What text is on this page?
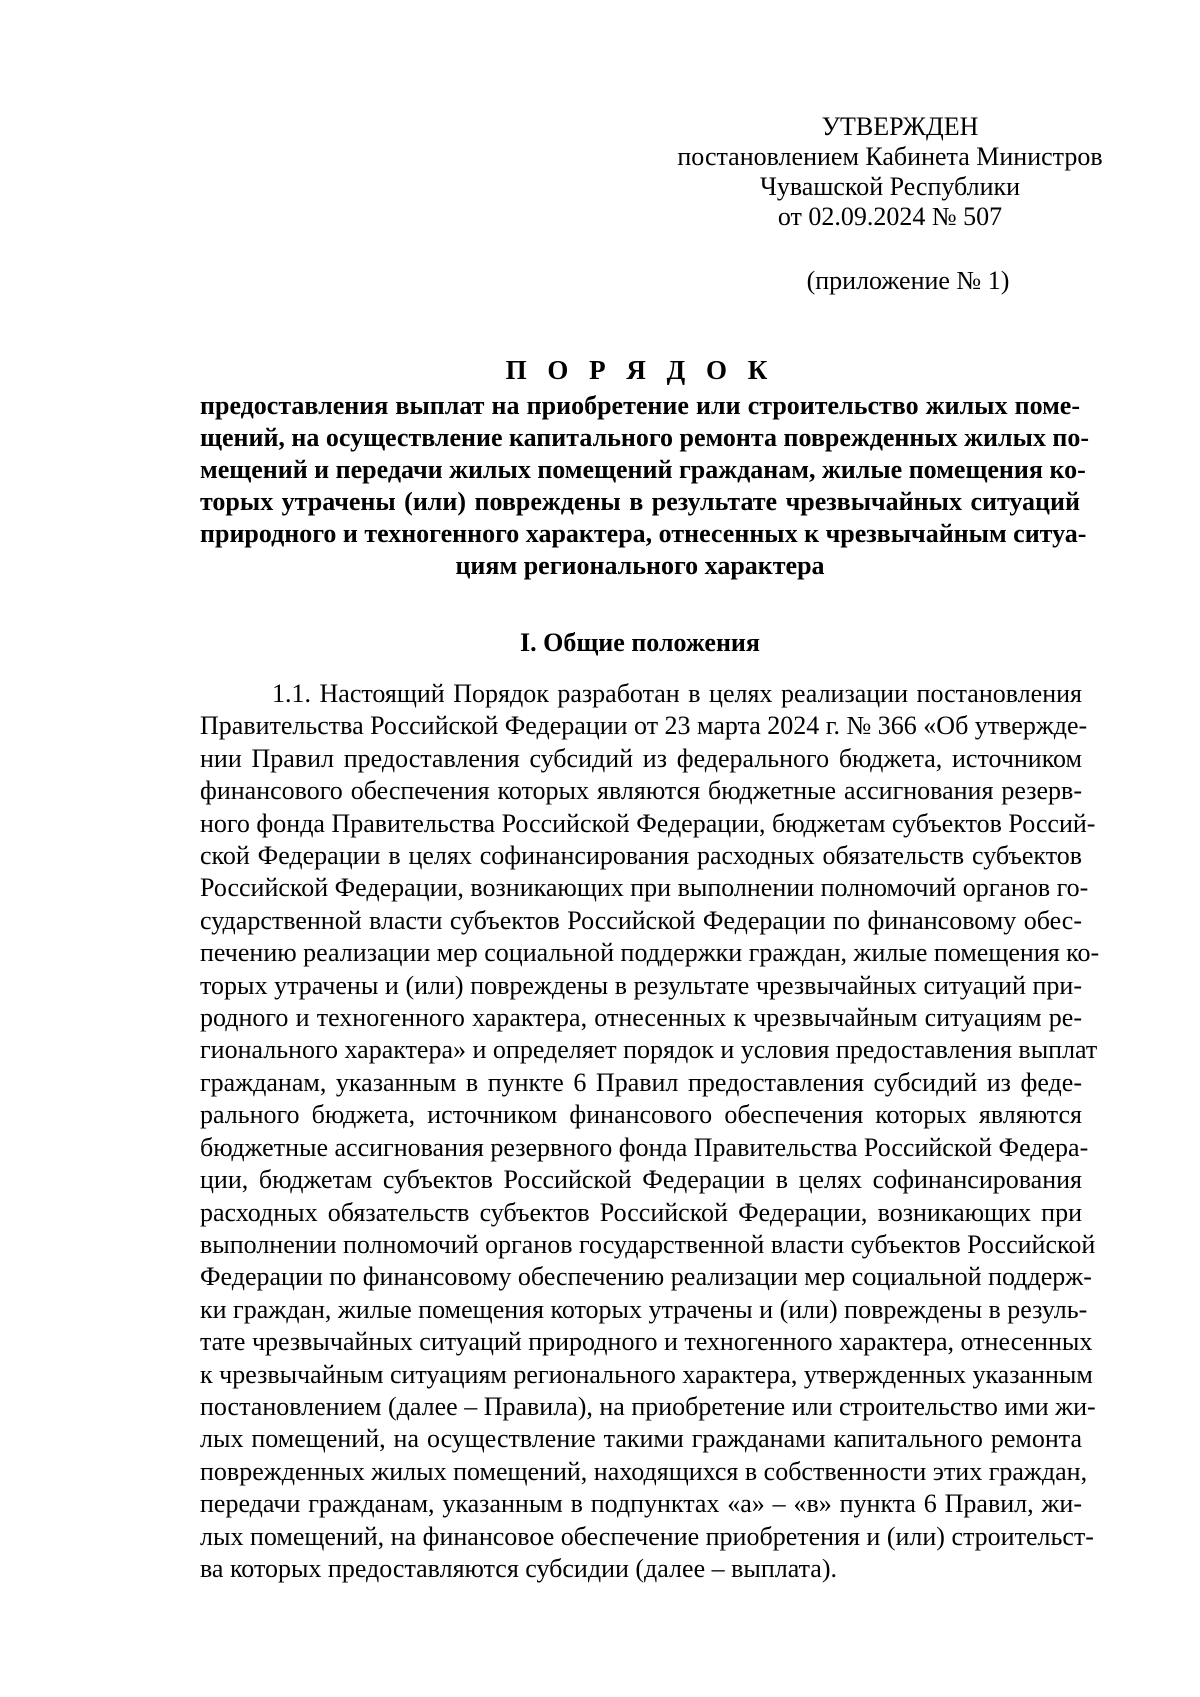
УТВЕРЖДЕН
постановлением Кабинета Министров
Чувашской Республики
от 02.09.2024 № 507
(приложение № 1)
П О Р Я Д О К
предоставления выплат на приобретение или строительство жилых поме-
щений, на осуществление капитального ремонта поврежденных жилых по-
мещений и передачи жилых помещений гражданам, жилые помещения ко-
торых утрачены (или) повреждены в результате чрезвычайных ситуаций
природного и техногенного характера, отнесенных к чрезвычайным ситуа-
циям регионального характера
I. Общие положения
1.1. Настоящий Порядок разработан в целях реализации постановления
Правительства Российской Федерации от 23 марта 2024 г. № 366 «Об утвержде-
нии Правил предоставления субсидий из федерального бюджета, источником
финансового обеспечения которых являются бюджетные ассигнования резерв-
ного фонда Правительства Российской Федерации, бюджетам субъектов Россий-
ской Федерации в целях софинансирования расходных обязательств субъектов
Российской Федерации, возникающих при выполнении полномочий органов го-
сударственной власти субъектов Российской Федерации по финансовому обес-
печению реализации мер социальной поддержки граждан, жилые помещения ко-
торых утрачены и (или) повреждены в результате чрезвычайных ситуаций при-
родного и техногенного характера, отнесенных к чрезвычайным ситуациям ре-
гионального характера» и определяет порядок и условия предоставления выплат
гражданам, указанным в пункте 6 Правил предоставления субсидий из феде-
рального бюджета, источником финансового обеспечения которых являются
бюджетные ассигнования резервного фонда Правительства Российской Федера-
ции, бюджетам субъектов Российской Федерации в целях софинансирования
расходных обязательств субъектов Российской Федерации, возникающих при
выполнении полномочий органов государственной власти субъектов Российской
Федерации по финансовому обеспечению реализации мер социальной поддерж-
ки граждан, жилые помещения которых утрачены и (или) повреждены в резуль-
тате чрезвычайных ситуаций природного и техногенного характера, отнесенных
к чрезвычайным ситуациям регионального характера, утвержденных указанным
постановлением (далее – Правила), на приобретение или строительство ими жи-
лых помещений, на осуществление такими гражданами капитального ремонта
поврежденных жилых помещений, находящихся в собственности этих граждан,
передачи гражданам, указанным в подпунктах «а» – «в» пункта 6 Правил, жи-
лых помещений, на финансовое обеспечение приобретения и (или) строительст-
ва которых предоставляются субсидии (далее – выплата).
